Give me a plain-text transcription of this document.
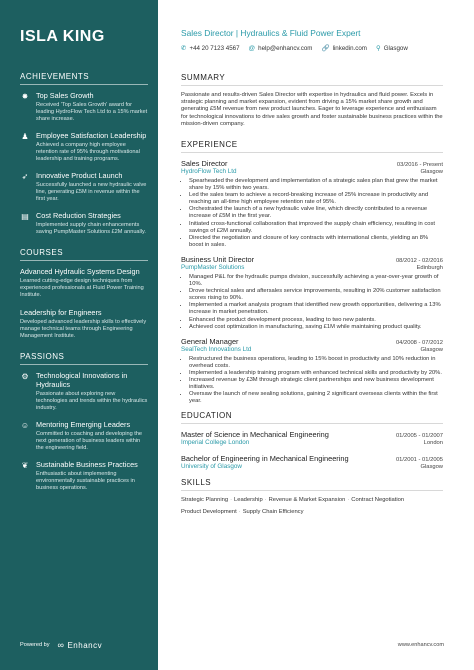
ISLA KING
ACHIEVEMENTS
✸ Top Sales Growth
Received 'Top Sales Growth' award for leading HydroFlow Tech Ltd to a 15% market share increase.
♟ Employee Satisfaction Leadership
Achieved a company high employee retention rate of 95% through motivational leadership and training programs.
➶ Innovative Product Launch
Successfully launched a new hydraulic valve line, generating £5M in revenue within the first year.
▤ Cost Reduction Strategies
Implemented supply chain enhancements saving PumpMaster Solutions £2M annually.
COURSES
Advanced Hydraulic Systems Design
Learned cutting-edge design techniques from experienced professionals at Fluid Power Training Institute.
Leadership for Engineers
Developed advanced leadership skills to effectively manage technical teams through Engineering Management Institute.
PASSIONS
⚙ Technological Innovations in Hydraulics
Passionate about exploring new technologies and trends within the hydraulics industry.
☺ Mentoring Emerging Leaders
Committed to coaching and developing the next generation of business leaders within the engineering field.
❦ Sustainable Business Practices
Enthusiastic about implementing environmentally sustainable practices in business operations.
Powered by ∞ Enhancv
Sales Director | Hydraulics & Fluid Power Expert
✆ +44 20 7123 4567 @ help@enhancv.com 🔗 linkedin.com ⚲ Glasgow
SUMMARY
Passionate and results-driven Sales Director with expertise in hydraulics and fluid power. Excels in strategic planning and market expansion, evident from driving a 15% market share growth and generating £5M revenue from new product launches. Eager to leverage experience and enthusiasm for technological innovations to drive sales growth and foster sustainable business practices within the mission-driven company.
EXPERIENCE
Sales Director	03/2016 - Present
HydroFlow Tech Ltd	Glasgow
• Spearheaded the development and implementation of a strategic sales plan that grew the market share by 15% within two years.
• Led the sales team to achieve a record-breaking increase of 25% increase in productivity and reaching an all-time high employee retention rate of 95%.
• Orchestrated the launch of a new hydraulic valve line, which directly contributed to a revenue increase of £5M in the first year.
• Initiated cross-functional collaboration that improved the supply chain efficiency, resulting in cost savings of £2M annually.
• Directed the negotiation and closure of key contracts with international clients, yielding an 8% boost in sales.
Business Unit Director	08/2012 - 02/2016
PumpMaster Solutions	Edinburgh
• Managed P&L for the hydraulic pumps division, successfully achieving a year-over-year growth of 10%.
• Drove technical sales and aftersales service improvements, resulting in 20% customer satisfaction scores rising to 90%.
• Implemented a market analysis program that identified new growth opportunities, delivering a 13% increase in market penetration.
• Enhanced the product development process, leading to two new patents.
• Achieved cost optimization in manufacturing, saving £1M while maintaining product quality.
General Manager	04/2008 - 07/2012
SealTech Innovations Ltd	Glasgow
• Restructured the business operations, leading to 15% boost in productivity and 10% reduction in overhead costs.
• Implemented a leadership training program with enhanced technical skills and productivity by 20%.
• Increased revenue by £3M through strategic client partnerships and new business development initiatives.
• Oversaw the launch of new sealing solutions, gaining 2 significant overseas clients within the first year.
EDUCATION
Master of Science in Mechanical Engineering	01/2005 - 01/2007
Imperial College London	London
Bachelor of Engineering in Mechanical Engineering	01/2001 - 01/2005
University of Glasgow	Glasgow
SKILLS
Strategic Planning · Leadership · Revenue & Market Expansion · Contract Negotiation
Product Development · Supply Chain Efficiency
www.enhancv.com
